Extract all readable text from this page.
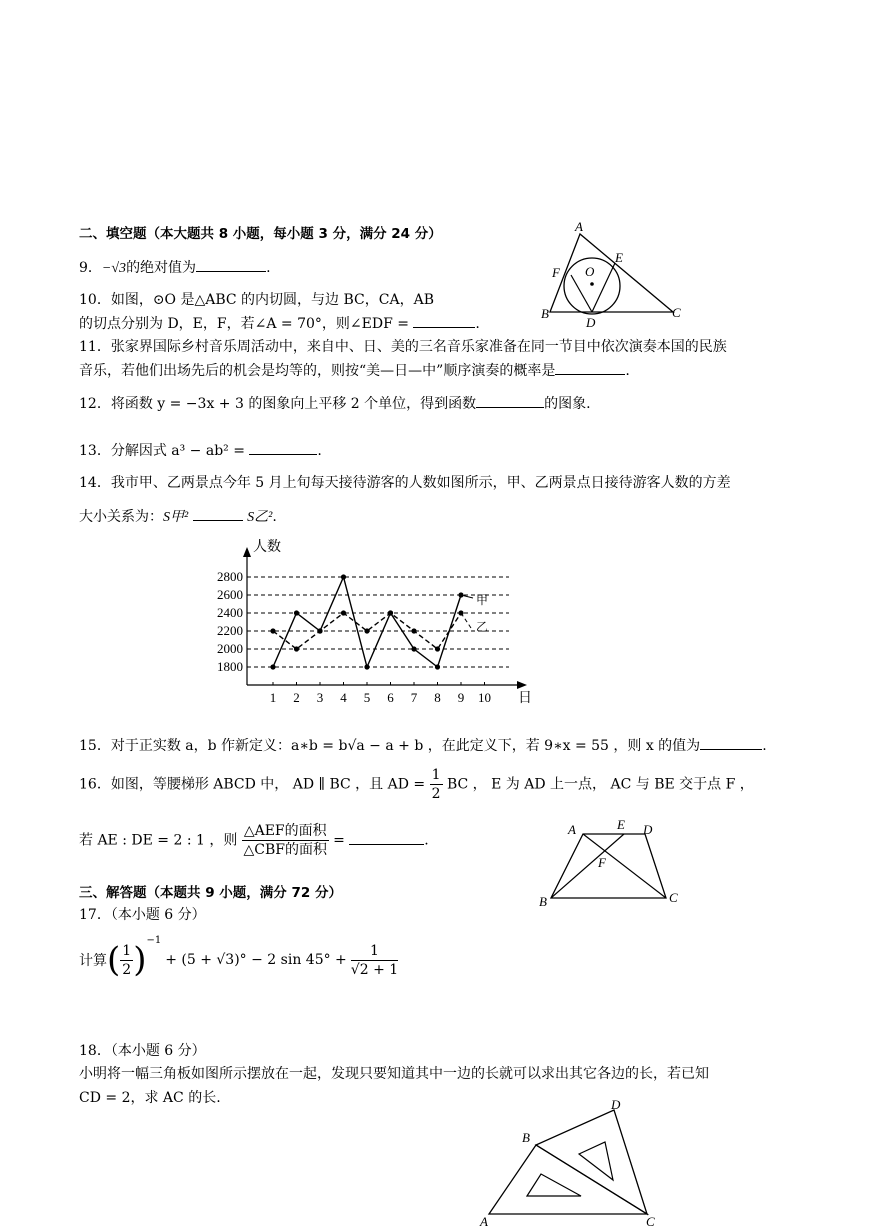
二、填空题（本大题共 8 小题，每小题 3 分，满分 24 分）	A
E
F O
B
D
C
9．−√3的绝对值为	.
10．如图，⊙O 是△ABC 的内切圆，与边 BC，CA，AB
的切点分别为 D，E，F，若∠A = 70°，则∠EDF =	.
11．张家界国际乡村音乐周活动中，来自中、日、美的三名音乐家准备在同一节目中依次演奏本国的民族
音乐，若他们出场先后的机会是均等的，则按“美—日—中”顺序演奏的概率是	.
12．将函数 y = −3x + 3 的图象向上平移 2 个单位，得到函数	的图象.
13．分解因式 a³ − ab² =	.
14．我市甲、乙两景点今年 5 月上旬每天接待游客的人数如图所示，甲、乙两景点日接待游客人数的方差
大小关系为：S甲²	S乙².
1800
2000
2200
2400
2600
2800
1 2 3 4 5 6 7 8 9 10
人数
日
甲
乙
15．对于正实数 a，b 作新定义：a∗b = b√a − a + b ，在此定义下，若 9∗x = 55 ，则 x 的值为	.
16．如图，等腰梯形 ABCD 中， AD ∥ BC ，且 AD = $\frac{1}{2}$ BC ， E 为 AD 上一点， AC 与 BE 交于点 F ，
若 AE : DE = 2 : 1 ，则 $\frac{\text{△AEF的面积}}{\text{△CBF的面积}}$ =	.
A	E D
F
B	C
三、解答题（本题共 9 小题，满分 72 分）
17．（本小题 6 分）
计算 ( $\frac{1}{2}$ ) −1
+ (5 + √3)° − 2 $\sin 45^\circ + \frac{1}{√2 + 1}$
18．（本小题 6 分）
小明将一幅三角板如图所示摆放在一起，发现只要知道其中一边的长就可以求出其它各边的长，若已知
CD = 2，求 AC 的长.	D
B
A	C
